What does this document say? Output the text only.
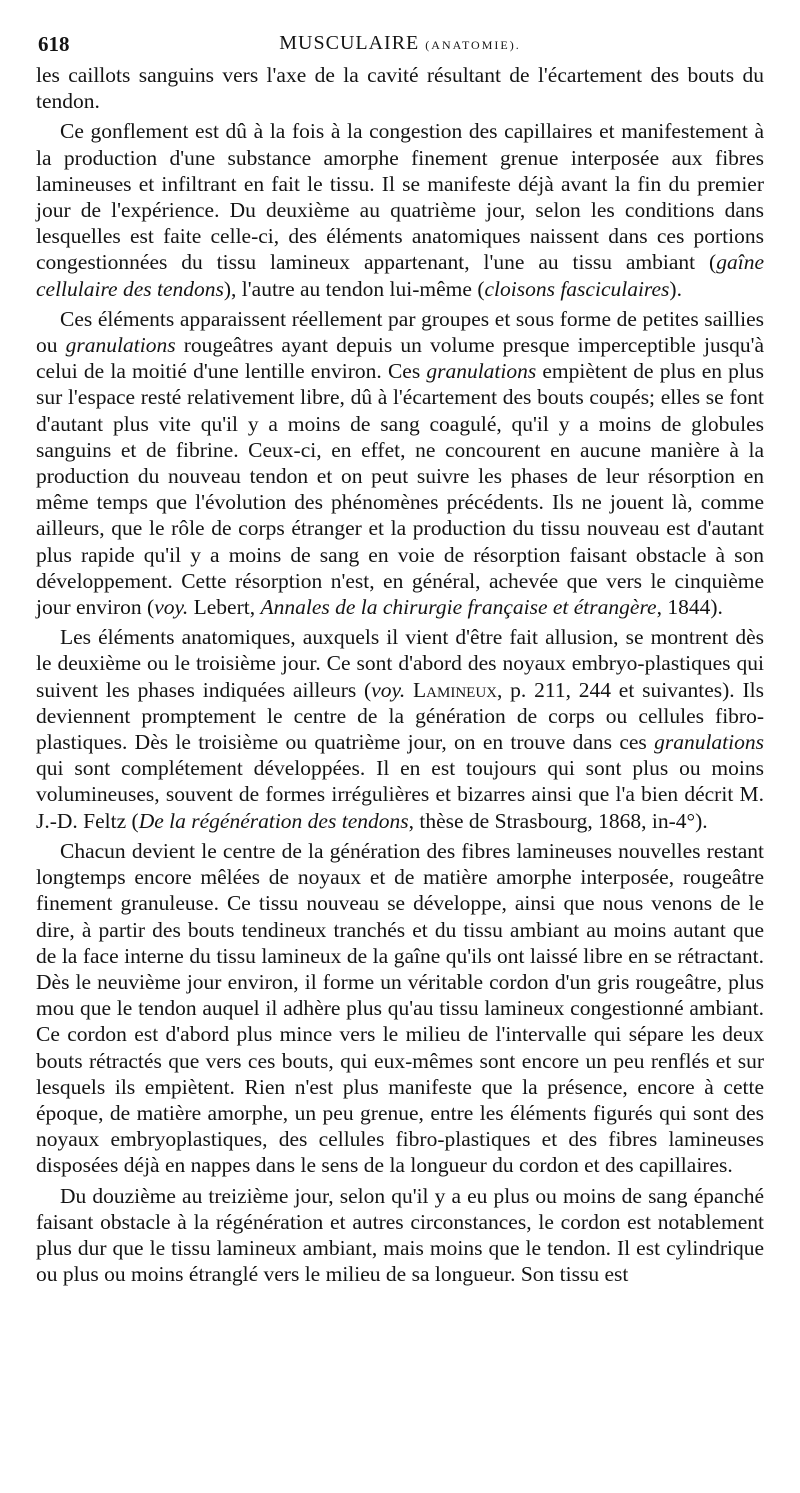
618	MUSCULAIRE (ANATOMIE).

les caillots sanguins vers l'axe de la cavité résultant de l'écartement des bouts du tendon.

Ce gonflement est dû à la fois à la congestion des capillaires et manifestement à la production d'une substance amorphe finement grenue interposée aux fibres lamineuses et infiltrant en fait le tissu. Il se manifeste déjà avant la fin du premier jour de l'expérience. Du deuxième au quatrième jour, selon les conditions dans lesquelles est faite celle-ci, des éléments anatomiques naissent dans ces portions congestionnées du tissu lamineux appartenant, l'une au tissu ambiant (gaîne cellulaire des tendons), l'autre au tendon lui-même (cloisons fasciculaires).

Ces éléments apparaissent réellement par groupes et sous forme de petites saillies ou granulations rougeâtres ayant depuis un volume presque imperceptible jusqu'à celui de la moitié d'une lentille environ. Ces granulations empiètent de plus en plus sur l'espace resté relativement libre, dû à l'écartement des bouts coupés; elles se font d'autant plus vite qu'il y a moins de sang coagulé, qu'il y a moins de globules sanguins et de fibrine. Ceux-ci, en effet, ne concourent en aucune manière à la production du nouveau tendon et on peut suivre les phases de leur résorption en même temps que l'évolution des phénomènes précédents. Ils ne jouent là, comme ailleurs, que le rôle de corps étranger et la production du tissu nouveau est d'autant plus rapide qu'il y a moins de sang en voie de résorption faisant obstacle à son développement. Cette résorption n'est, en général, achevée que vers le cinquième jour environ (voy. Lebert, Annales de la chirurgie française et étrangère, 1844).

Les éléments anatomiques, auxquels il vient d'être fait allusion, se montrent dès le deuxième ou le troisième jour. Ce sont d'abord des noyaux embryo-plastiques qui suivent les phases indiquées ailleurs (voy. Lamineux, p. 211, 244 et suivantes). Ils deviennent promptement le centre de la génération de corps ou cellules fibro-plastiques. Dès le troisième ou quatrième jour, on en trouve dans ces granulations qui sont complétement développées. Il en est toujours qui sont plus ou moins volumineuses, souvent de formes irrégulières et bizarres ainsi que l'a bien décrit M. J.-D. Feltz (De la régénération des tendons, thèse de Strasbourg, 1868, in-4°).

Chacun devient le centre de la génération des fibres lamineuses nouvelles restant longtemps encore mêlées de noyaux et de matière amorphe interposée, rougeâtre finement granuleuse. Ce tissu nouveau se développe, ainsi que nous venons de le dire, à partir des bouts tendineux tranchés et du tissu ambiant au moins autant que de la face interne du tissu lamineux de la gaîne qu'ils ont laissé libre en se rétractant. Dès le neuvième jour environ, il forme un véritable cordon d'un gris rougeâtre, plus mou que le tendon auquel il adhère plus qu'au tissu lamineux congestionné ambiant. Ce cordon est d'abord plus mince vers le milieu de l'intervalle qui sépare les deux bouts rétractés que vers ces bouts, qui eux-mêmes sont encore un peu renflés et sur lesquels ils empiètent. Rien n'est plus manifeste que la présence, encore à cette époque, de matière amorphe, un peu grenue, entre les éléments figurés qui sont des noyaux embryoplastiques, des cellules fibro-plastiques et des fibres lamineuses disposées déjà en nappes dans le sens de la longueur du cordon et des capillaires.

Du douzième au treizième jour, selon qu'il y a eu plus ou moins de sang épanché faisant obstacle à la régénération et autres circonstances, le cordon est notablement plus dur que le tissu lamineux ambiant, mais moins que le tendon. Il est cylindrique ou plus ou moins étranglé vers le milieu de sa longueur. Son tissu est
